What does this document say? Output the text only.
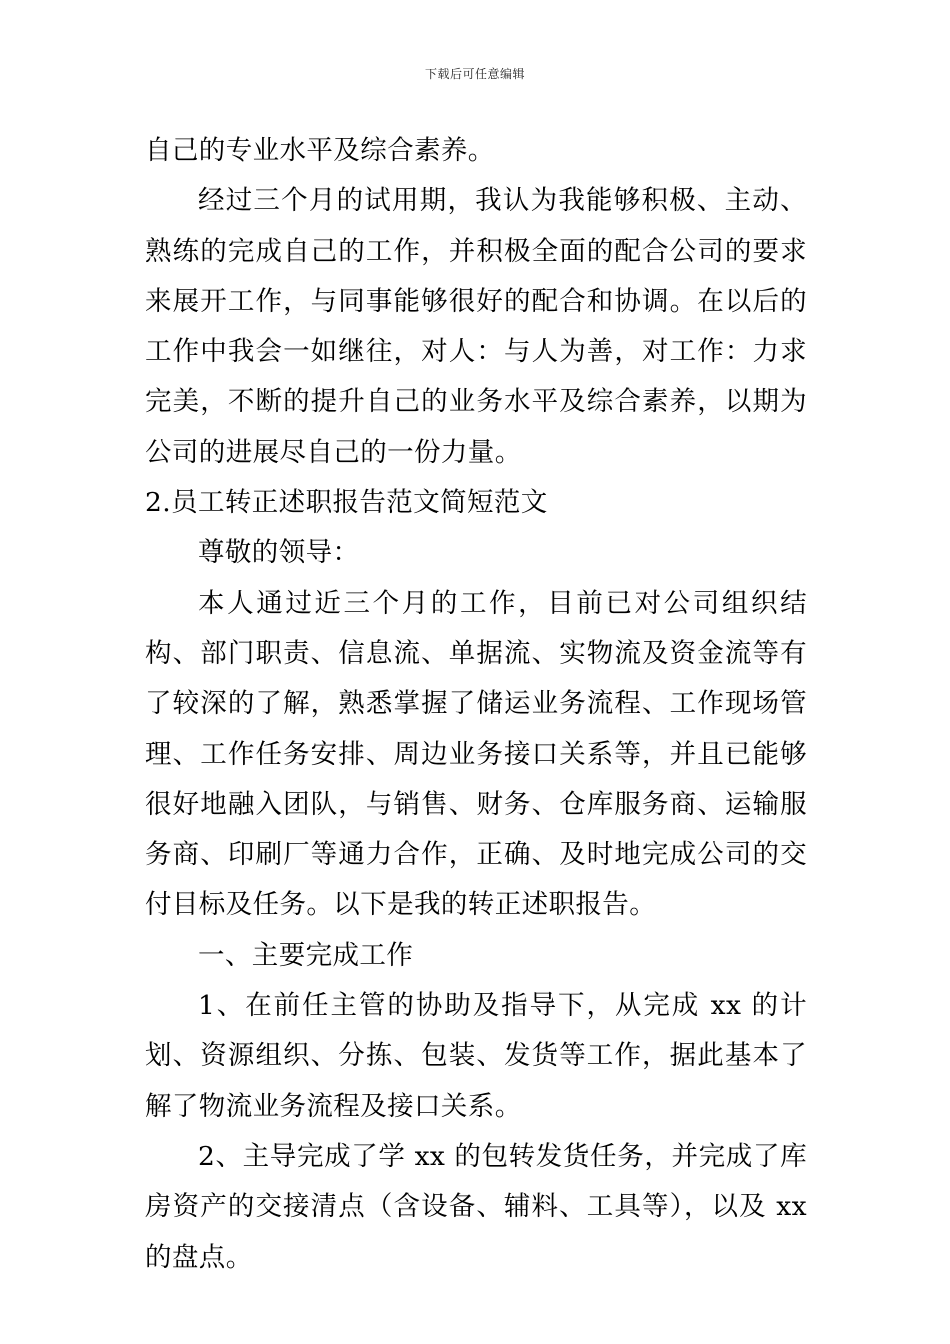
下载后可任意编辑

自己的专业水平及综合素养。

经过三个月的试用期，我认为我能够积极、主动、熟练的完成自己的工作，并积极全面的配合公司的要求来展开工作，与同事能够很好的配合和协调。在以后的工作中我会一如继往，对人：与人为善，对工作：力求完美，不断的提升自己的业务水平及综合素养，以期为公司的进展尽自己的一份力量。

2.员工转正述职报告范文简短范文

尊敬的领导：

本人通过近三个月的工作，目前已对公司组织结构、部门职责、信息流、单据流、实物流及资金流等有了较深的了解，熟悉掌握了储运业务流程、工作现场管理、工作任务安排、周边业务接口关系等，并且已能够很好地融入团队，与销售、财务、仓库服务商、运输服务商、印刷厂等通力合作，正确、及时地完成公司的交付目标及任务。以下是我的转正述职报告。

一、主要完成工作

1、在前任主管的协助及指导下，从完成 xx 的计划、资源组织、分拣、包装、发货等工作，据此基本了解了物流业务流程及接口关系。

2、主导完成了学 xx 的包转发货任务，并完成了库房资产的交接清点（含设备、辅料、工具等），以及 xx 的盘点。
